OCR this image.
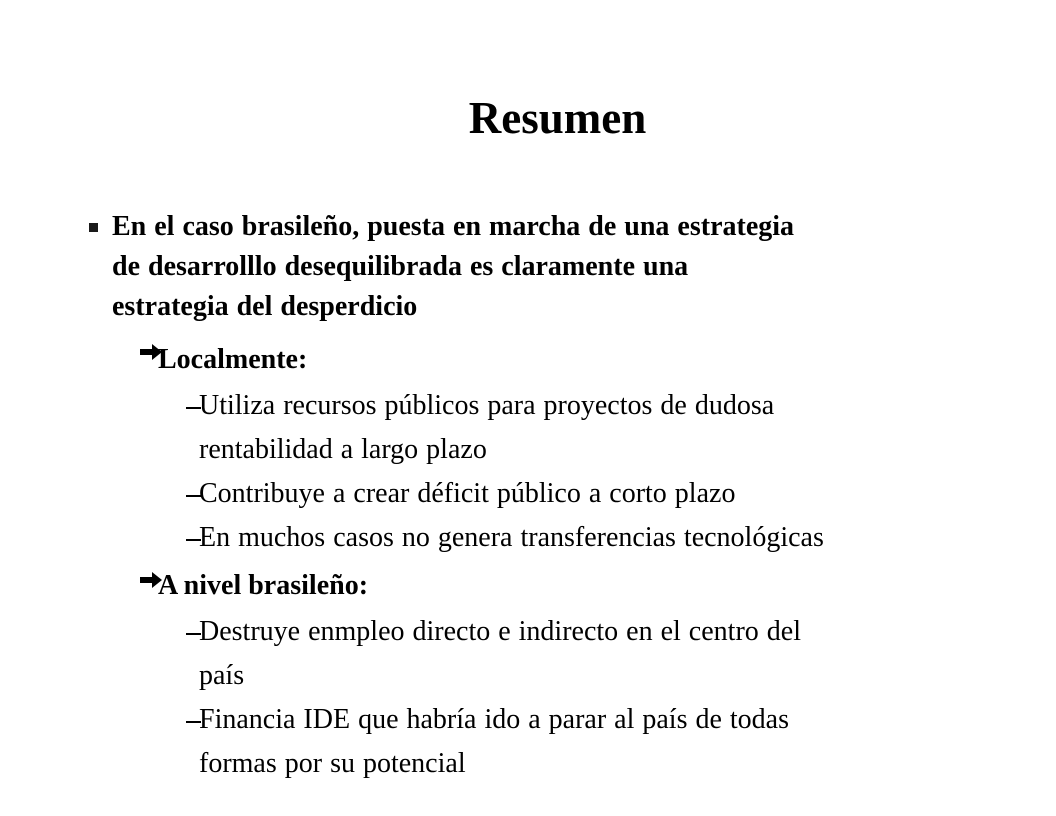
Resumen
En el caso brasileño, puesta en marcha de una estrategia
de desarrolllo desequilibrada es claramente una
estrategia del desperdicio
Localmente:
Utiliza recursos públicos para proyectos de dudosa
rentabilidad a largo plazo
Contribuye a crear déficit público a corto plazo
En muchos casos no genera transferencias tecnológicas
A nivel brasileño:
Destruye enmpleo directo e indirecto en el centro del
país
Financia IDE que habría ido a parar al país de todas
formas por su potencial
